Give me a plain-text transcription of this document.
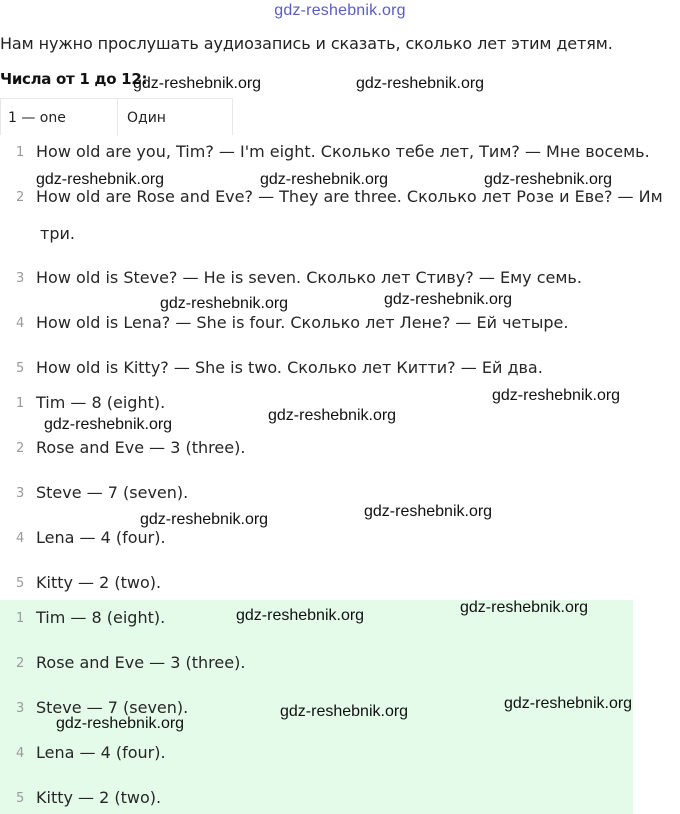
gdz-reshebnik.org
Нам нужно прослушать аудиозапись и сказать, сколько лет этим детям.
Числа от 1 до 12:
1 — one	Один
1 How old are you, Tim? — I'm eight. Сколько тебе лет, Тим? — Мне восемь.
2 How old are Rose and Eve? — They are three. Сколько лет Розе и Еве? — Им
три.
3 How old is Steve? — He is seven. Сколько лет Стиву? — Ему семь.
4 How old is Lena? — She is four. Сколько лет Лене? — Ей четыре.
5 How old is Kitty? — She is two. Сколько лет Китти? — Ей два.
1 Tim — 8 (eight).
2 Rose and Eve — 3 (three).
3 Steve — 7 (seven).
4 Lena — 4 (four).
5 Kitty — 2 (two).
1 Tim — 8 (eight).
2 Rose and Eve — 3 (three).
3 Steve — 7 (seven).
4 Lena — 4 (four).
5 Kitty — 2 (two).
gdz-reshebnik.org	gdz-reshebnik.org
gdz-reshebnik.org	gdz-reshebnik.org	gdz-reshebnik.org
gdz-reshebnik.org	gdz-reshebnik.org
gdz-reshebnik.org
gdz-reshebnik.org
gdz-reshebnik.org
gdz-reshebnik.org
gdz-reshebnik.org
gdz-reshebnik.org
gdz-reshebnik.org
gdz-reshebnik.org
gdz-reshebnik.org
gdz-reshebnik.org
